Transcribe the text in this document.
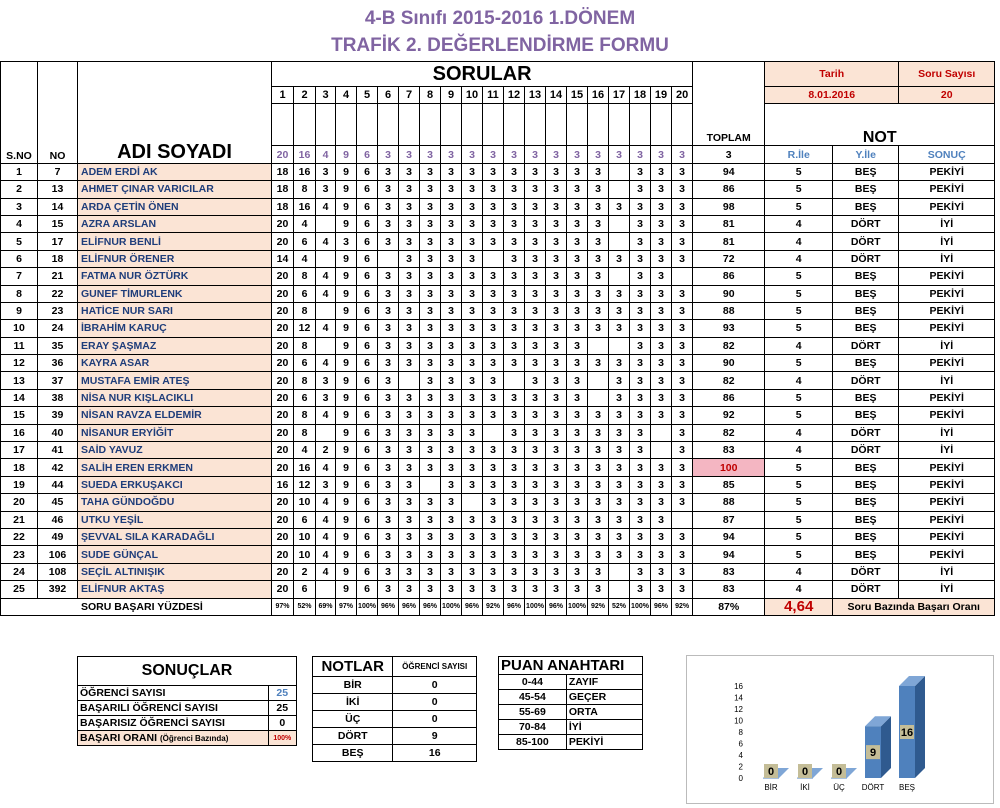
4-B Sınıfı 2015-2016 1.DÖNEM
TRAFİK 2. DEĞERLENDİRME FORMU
S.NO	NO	ADI SOYADI	SORULAR																				TOPLAM	Tarih		Soru Sayısı
			1	2	3	4	5	6	7	8	9	10	11	12	13	14	15	16	17	18	19	20		8.01.2016		20
																								NOT		
			20	16	4	9	6	3	3	3	3	3	3	3	3	3	3	3	3	3	3	3	3	R.İle	Y.İle	SONUÇ
1	7	ADEM ERDİ AK	18	16	3	9	6	3	3	3	3	3	3	3	3	3	3	3		3	3	3	94	5	BEŞ	PEKİYİ
2	13	AHMET ÇINAR VARICILAR	18	8	3	9	6	3	3	3	3	3	3	3	3	3	3	3		3	3	3	86	5	BEŞ	PEKİYİ
3	14	ARDA ÇETİN ÖNEN	18	16	4	9	6	3	3	3	3	3	3	3	3	3	3	3	3	3	3	3	98	5	BEŞ	PEKİYİ
4	15	AZRA ARSLAN	20	4		9	6	3	3	3	3	3	3	3	3	3	3	3		3	3	3	81	4	DÖRT	İYİ
5	17	ELİFNUR BENLİ	20	6	4	3	6	3	3	3	3	3	3	3	3	3	3	3		3	3	3	81	4	DÖRT	İYİ
6	18	ELİFNUR ÖRENER	14	4		9	6		3	3	3	3		3	3	3	3	3	3	3	3	3	72	4	DÖRT	İYİ
7	21	FATMA NUR ÖZTÜRK	20	8	4	9	6	3	3	3	3	3	3	3	3	3	3	3		3	3		86	5	BEŞ	PEKİYİ
8	22	GUNEF TİMURLENK	20	6	4	9	6	3	3	3	3	3	3	3	3	3	3	3	3	3	3	3	90	5	BEŞ	PEKİYİ
9	23	HATİCE NUR SARI	20	8		9	6	3	3	3	3	3	3	3	3	3	3	3	3	3	3	3	88	5	BEŞ	PEKİYİ
10	24	İBRAHİM KARUÇ	20	12	4	9	6	3	3	3	3	3	3	3	3	3	3	3	3	3	3	3	93	5	BEŞ	PEKİYİ
11	35	ERAY ŞAŞMAZ	20	8		9	6	3	3	3	3	3	3	3	3	3	3			3	3	3	82	4	DÖRT	İYİ
12	36	KAYRA ASAR	20	6	4	9	6	3	3	3	3	3	3	3	3	3	3	3	3	3	3	3	90	5	BEŞ	PEKİYİ
13	37	MUSTAFA EMİR ATEŞ	20	8	3	9	6	3		3	3	3	3		3	3	3		3	3	3	3	82	4	DÖRT	İYİ
14	38	NİSA NUR KIŞLACIKLI	20	6	3	9	6	3	3	3	3	3	3	3	3	3	3		3	3	3	3	86	5	BEŞ	PEKİYİ
15	39	NİSAN RAVZA ELDEMİR	20	8	4	9	6	3	3	3	3	3	3	3	3	3	3	3	3	3	3	3	92	5	BEŞ	PEKİYİ
16	40	NİSANUR ERYİĞİT	20	8		9	6	3	3	3	3	3		3	3	3	3	3	3	3		3	82	4	DÖRT	İYİ
17	41	SAİD YAVUZ	20	4	2	9	6	3	3	3	3	3	3	3	3	3	3	3	3	3		3	83	4	DÖRT	İYİ
18	42	SALİH EREN ERKMEN	20	16	4	9	6	3	3	3	3	3	3	3	3	3	3	3	3	3	3	3	100	5	BEŞ	PEKİYİ
19	44	SUEDA ERKUŞAKCI	16	12	3	9	6	3	3		3	3	3	3	3	3	3	3	3	3	3	3	85	5	BEŞ	PEKİYİ
20	45	TAHA GÜNDOĞDU	20	10	4	9	6	3	3	3	3		3	3	3	3	3	3	3	3	3	3	88	5	BEŞ	PEKİYİ
21	46	UTKU YEŞİL	20	6	4	9	6	3	3	3	3	3	3	3	3	3	3	3	3	3	3		87	5	BEŞ	PEKİYİ
22	49	ŞEVVAL SILA KARADAĞLI	20	10	4	9	6	3	3	3	3	3	3	3	3	3	3	3	3	3	3	3	94	5	BEŞ	PEKİYİ
23	106	SUDE GÜNÇAL	20	10	4	9	6	3	3	3	3	3	3	3	3	3	3	3	3	3	3	3	94	5	BEŞ	PEKİYİ
24	108	SEÇİL ALTINIŞIK	20	2	4	9	6	3	3	3	3	3	3	3	3	3	3	3		3	3	3	83	4	DÖRT	İYİ
25	392	ELİFNUR AKTAŞ	20	6		9	6	3	3	3	3	3	3	3	3	3	3	3		3	3	3	83	4	DÖRT	İYİ
SORU BAŞARI YÜZDESİ			97%	52%	69%	97%	100%	96%	96%	96%	100%	96%	92%	96%	100%	96%	100%	92%	52%	100%	96%	92%	87%	4,64	Soru Bazında Başarı Oranı	
SONUÇLAR	
ÖĞRENCİ SAYISI	25
BAŞARILI ÖĞRENCİ SAYISI	25
BAŞARISIZ ÖĞRENCİ SAYISI	0
BAŞARI ORANI (Öğrenci Bazında)	100%
NOTLAR	ÖĞRENCİ SAYISI
BİR	0
İKİ	0
ÜÇ	0
DÖRT	9
BEŞ	16
PUAN ANAHTARI	
0-44	ZAYIF
45-54	GEÇER
55-69	ORTA
70-84	İYİ
85-100	PEKİYİ
0
2
4
6
8
10
12
14
16
0
BİR
0
İKİ
0
ÜÇ
9
DÖRT
16
BEŞ
